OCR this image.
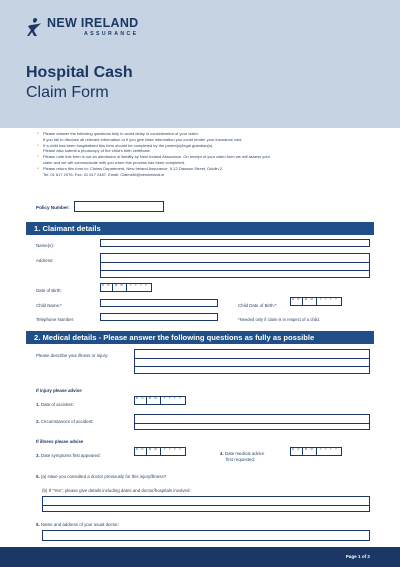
NEW IRELAND
ASSURANCE
Hospital Cash
Claim Form
● Please answer the following questions fully to avoid delay in consideration of your claim.
If you fail to disclose all relevant information or if you give false information you could render your insurance void.
● If a child has been hospitalised this form should be completed by the parent(s)/legal guardian(s).
Please also submit a photocopy of the child's birth certificate.
● Please note this form is not an admission of liability by New Ireland Assurance. On receipt of your claim form we will assess your
claim and we will communicate with you when this process has been completed.
● Please return this form to: Claims Department, New Ireland Assurance, 9-12 Dawson Street, Dublin 2.
Tel: 01 617 2976. Fax: 01 617 2487. Email: ClaimsNI@newireland.ie
Policy Number:
1. Claimant details
Name(s):
Address:
Date of Birth:
D D	M M	Y Y Y Y
Child Name:*	Child Date of Birth:*
D D	M M	Y Y Y Y
Telephone Number:	*Needed only if claim is in respect of a child.
2. Medical details - Please answer the following questions as fully as possible
Please describe your illness or injury:
If injury please advise
1. Date of accident:
D D	M M	Y Y Y Y
2. Circumstances of accident:
If illness please advise
3. Date symptoms first appeared:
D D	M M	Y Y Y Y
4. Date medical advice
first requested:
D D	M M	Y Y Y Y
5. (a) Have you consulted a doctor previously for this injury/illness?
(b) If "Yes", please give details including dates and doctor/hospitals involved:
6. Name and address of your usual doctor:
Page 1 of 2
